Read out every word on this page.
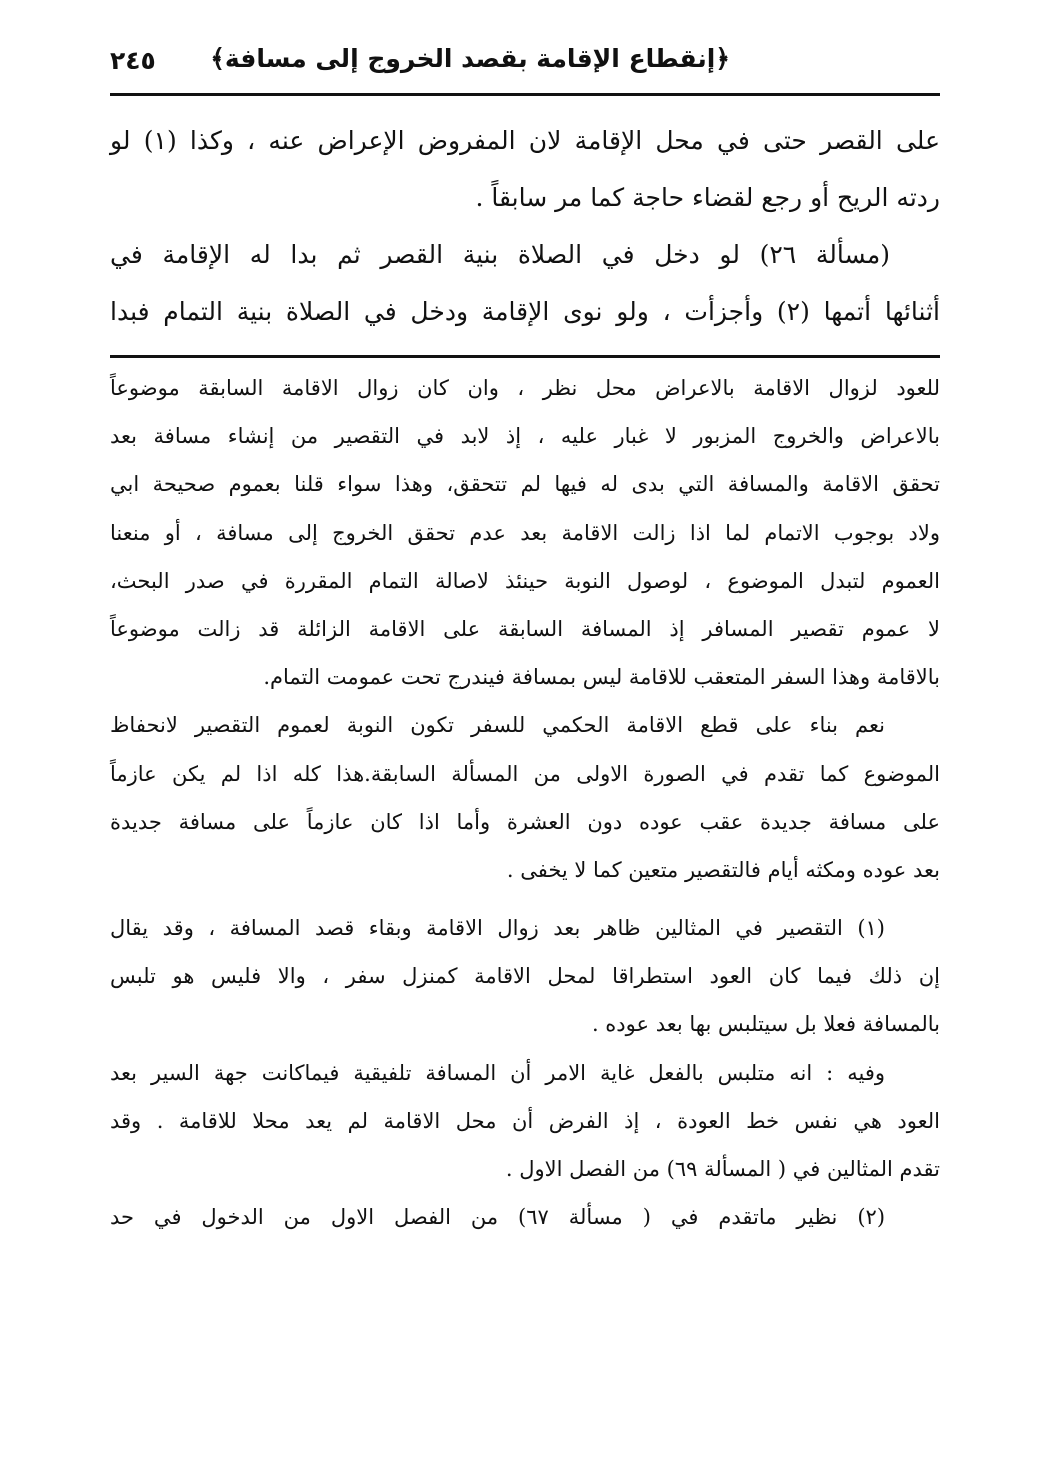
﴿إنقطاع الإقامة بقصد الخروج إلى مسافة﴾
٢٤٥
على القصر حتى في محل الإقامة لان المفروض الإعراض عنه ، وكذا (١) لو
ردته الريح أو رجع لقضاء حاجة كما مر سابقاً .
(مسألة ٢٦) لو دخل في الصلاة بنية القصر ثم بدا له الإقامة في
أثنائها أتمها (٢) وأجزأت ، ولو نوى الإقامة ودخل في الصلاة بنية التمام فبدا
للعود لزوال الاقامة بالاعراض محل نظر ، وان كان زوال الاقامة السابقة موضوعاً
بالاعراض والخروج المزبور لا غبار عليه ، إذ لابد في التقصير من إنشاء مسافة بعد
تحقق الاقامة والمسافة التي بدى له فيها لم تتحقق، وهذا سواء قلنا بعموم صحيحة ابي
ولاد بوجوب الاتمام لما اذا زالت الاقامة بعد عدم تحقق الخروج إلى مسافة ، أو منعنا
العموم لتبدل الموضوع ، لوصول النوبة حينئذ لاصالة التمام المقررة في صدر البحث،
لا عموم تقصير المسافر إذ المسافة السابقة على الاقامة الزائلة قد زالت موضوعاً
بالاقامة وهذا السفر المتعقب للاقامة ليس بمسافة فيندرج تحت عمومت التمام.
نعم بناء على قطع الاقامة الحكمي للسفر تكون النوبة لعموم التقصير لانحفاظ
الموضوع كما تقدم في الصورة الاولى من المسألة السابقة.هذا كله اذا لم يكن عازماً
على مسافة جديدة عقب عوده دون العشرة وأما اذا كان عازماً على مسافة جديدة
بعد عوده ومكثه أيام فالتقصير متعين كما لا يخفى .
(١) التقصير في المثالين ظاهر بعد زوال الاقامة وبقاء قصد المسافة ، وقد يقال
إن ذلك فيما كان العود استطراقا لمحل الاقامة كمنزل سفر ، والا فليس هو تلبس
بالمسافة فعلا بل سيتلبس بها بعد عوده .
وفيه : انه متلبس بالفعل غاية الامر أن المسافة تلفيقية فيماكانت جهة السير بعد
العود هي نفس خط العودة ، إذ الفرض أن محل الاقامة لم يعد محلا للاقامة . وقد
تقدم المثالين في ( المسألة ٦٩) من الفصل الاول .
(٢) نظير ماتقدم في ( مسألة ٦٧) من الفصل الاول من الدخول في حد
